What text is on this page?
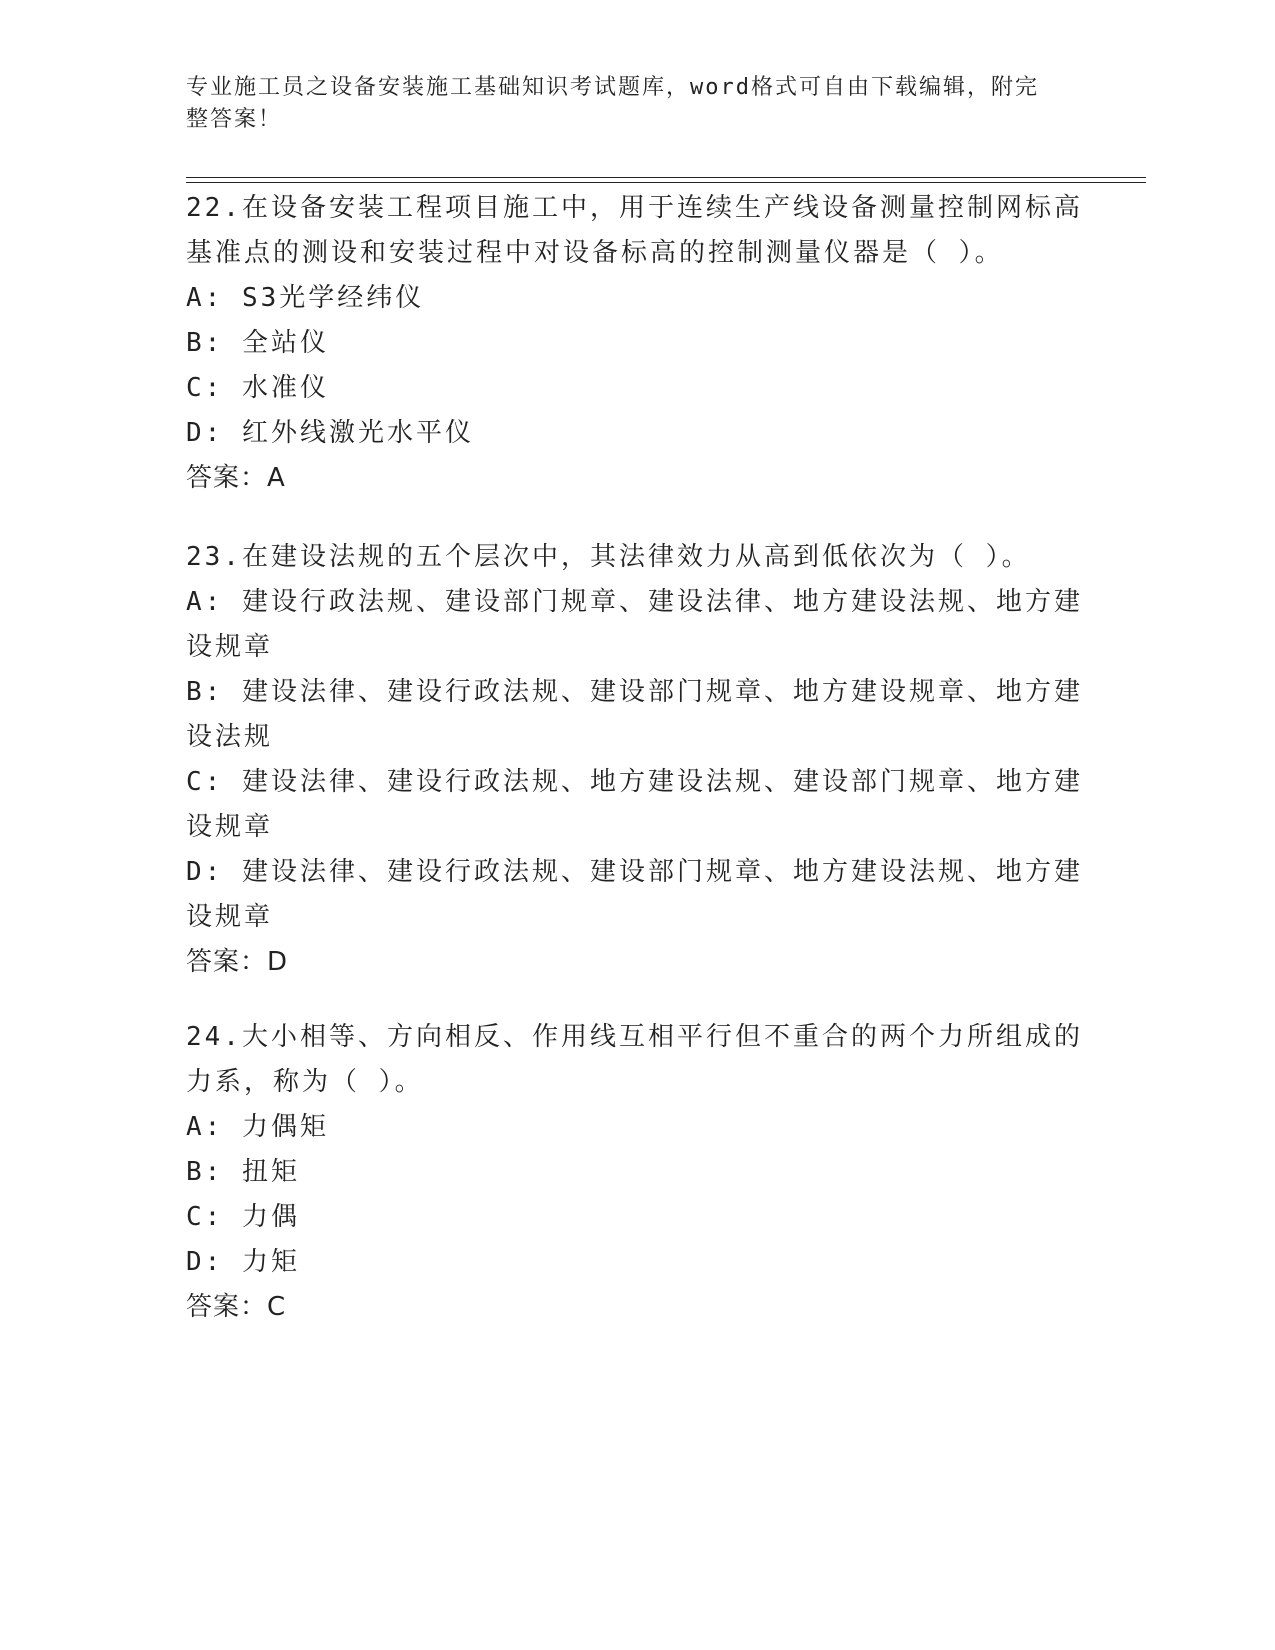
专业施工员之设备安装施工基础知识考试题库，word格式可自由下载编辑，附完
整答案！
22.在设备安装工程项目施工中，用于连续生产线设备测量控制网标高
基准点的测设和安装过程中对设备标高的控制测量仪器是（ ）。
A: S3光学经纬仪
B: 全站仪
C: 水准仪
D: 红外线激光水平仪
答案：A
23.在建设法规的五个层次中，其法律效力从高到低依次为（ ）。
A: 建设行政法规、建设部门规章、建设法律、地方建设法规、地方建
设规章
B: 建设法律、建设行政法规、建设部门规章、地方建设规章、地方建
设法规
C: 建设法律、建设行政法规、地方建设法规、建设部门规章、地方建
设规章
D: 建设法律、建设行政法规、建设部门规章、地方建设法规、地方建
设规章
答案：D
24.大小相等、方向相反、作用线互相平行但不重合的两个力所组成的
力系，称为（ ）。
A: 力偶矩
B: 扭矩
C: 力偶
D: 力矩
答案：C
